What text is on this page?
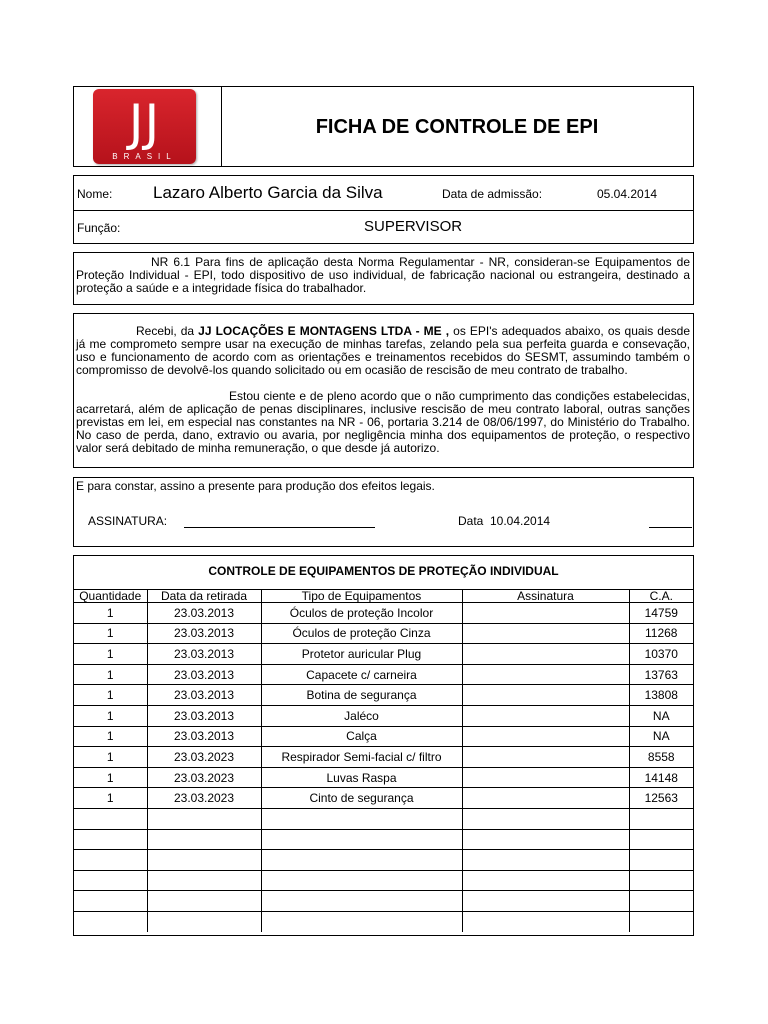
JJ
BRASIL
FICHA DE CONTROLE DE EPI
Nome: Lazaro Alberto Garcia da Silva	Data de admissão:	05.04.2014
Função:	SUPERVISOR
NR 6.1 Para fins de aplicação desta Norma Regulamentar - NR, consideran-se Equipamentos de Proteção Individual - EPI, todo dispositivo de uso individual, de fabricação nacional ou estrangeira, destinado a proteção a saúde e a integridade física do trabalhador.
Recebi, da JJ LOCAÇÕES E MONTAGENS LTDA - ME , os EPI's adequados abaixo, os quais desde já me comprometo sempre usar na execução de minhas tarefas, zelando pela sua perfeita guarda e consevação, uso e funcionamento de acordo com as orientações e treinamentos recebidos do SESMT, assumindo também o compromisso de devolvê-los quando solicitado ou em ocasião de rescisão de meu contrato de trabalho.
Estou ciente e de pleno acordo que o não cumprimento das condições estabelecidas, acarretará, além de aplicação de penas disciplinares, inclusive rescisão de meu contrato laboral, outras sanções previstas em lei, em especial nas constantes na NR - 06, portaria 3.214 de 08/06/1997, do Ministério do Trabalho. No caso de perda, dano, extravio ou avaria, por negligência minha dos equipamentos de proteção, o respectivo valor será debitado de minha remuneração, o que desde já autorizo.
E para constar, assino a presente para produção dos efeitos legais.
ASSINATURA:	Data 10.04.2014
CONTROLE DE EQUIPAMENTOS DE PROTEÇÃO INDIVIDUAL
Quantidade	Data da retirada	Tipo de Equipamentos	Assinatura	C.A.
1	23.03.2013	Óculos de proteção Incolor		14759
1	23.03.2013	Óculos de proteção Cinza		11268
1	23.03.2013	Protetor auricular Plug		10370
1	23.03.2013	Capacete c/ carneira		13763
1	23.03.2013	Botina de segurança		13808
1	23.03.2013	Jaléco		NA
1	23.03.2013	Calça		NA
1	23.03.2023	Respirador Semi-facial c/ filtro		8558
1	23.03.2023	Luvas Raspa		14148
1	23.03.2023	Cinto de segurança		12563
